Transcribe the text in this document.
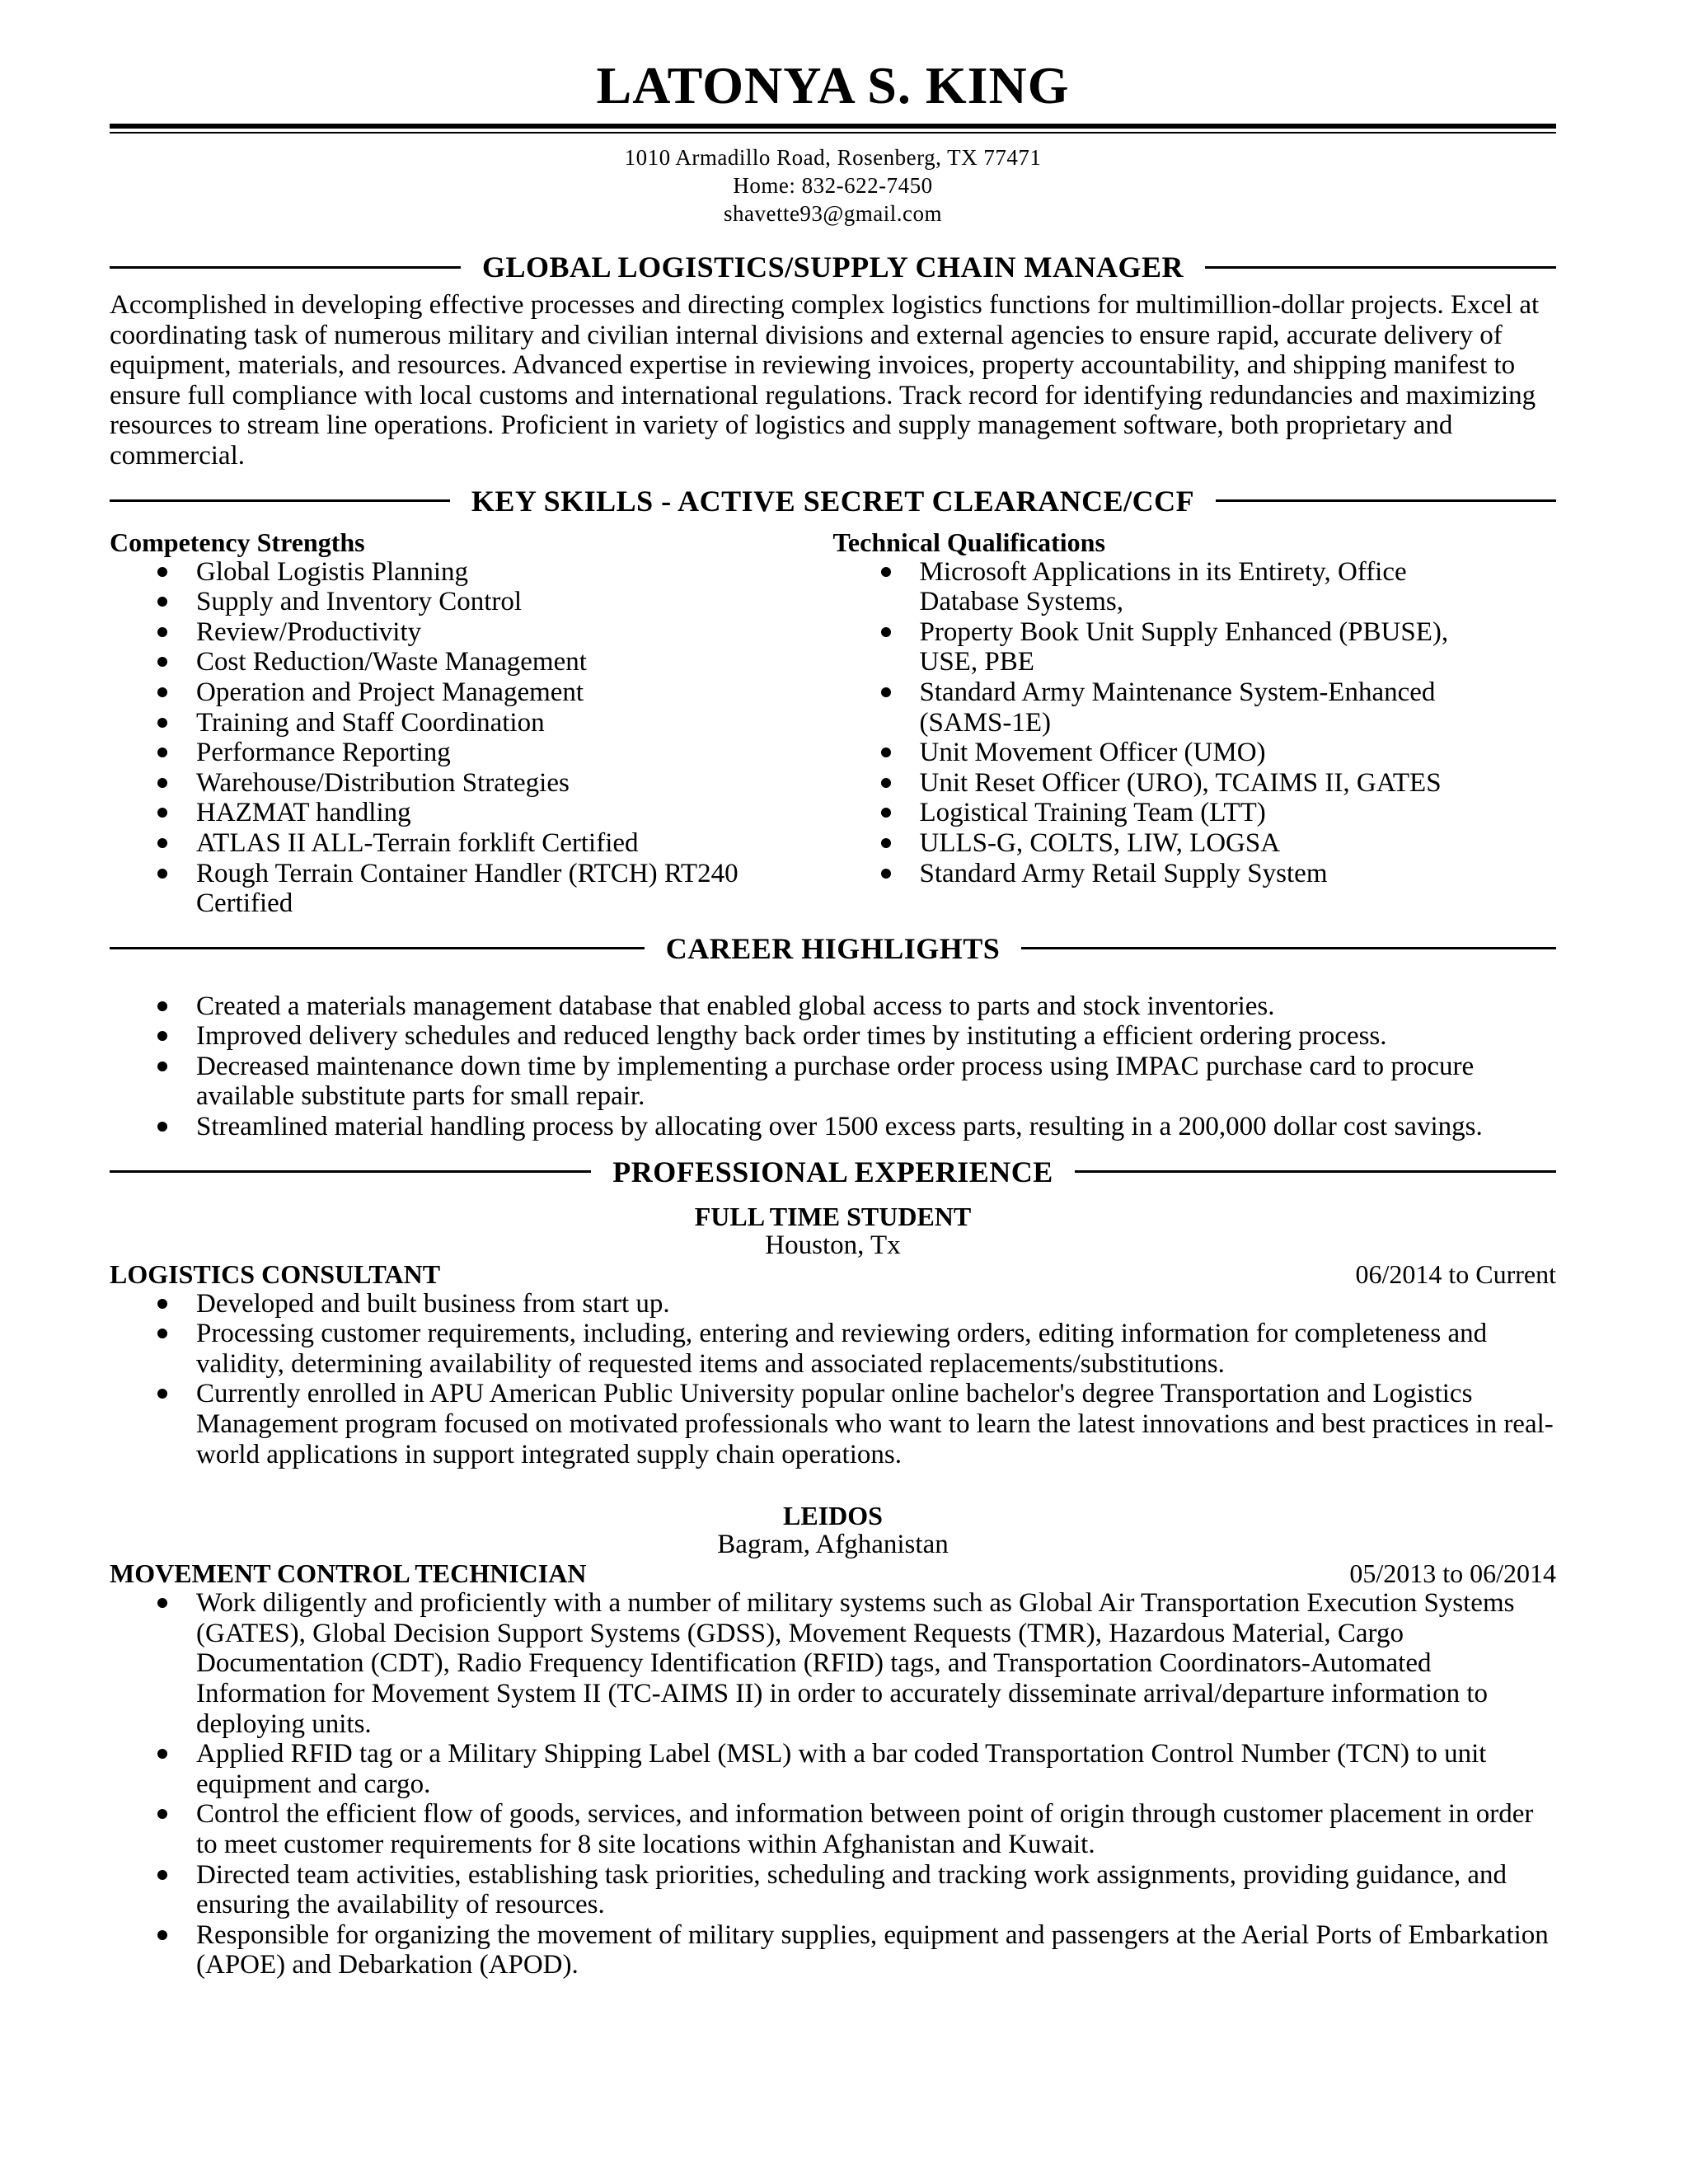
LATONYA S. KING
1010 Armadillo Road, Rosenberg, TX 77471
Home: 832-622-7450
shavette93@gmail.com
GLOBAL LOGISTICS/SUPPLY CHAIN MANAGER

Accomplished in developing effective processes and directing complex logistics functions for multimillion-dollar projects. Excel at coordinating task of numerous military and civilian internal divisions and external agencies to ensure rapid, accurate delivery of equipment, materials, and resources. Advanced expertise in reviewing invoices, property accountability, and shipping manifest to ensure full compliance with local customs and international regulations. Track record for identifying redundancies and maximizing resources to stream line operations. Proficient in variety of logistics and supply management software, both proprietary and commercial.

KEY SKILLS - ACTIVE SECRET CLEARANCE/CCF
Competency Strengths
Global Logistis Planning
Supply and Inventory Control
Review/Productivity
Cost Reduction/Waste Management
Operation and Project Management
Training and Staff Coordination
Performance Reporting
Warehouse/Distribution Strategies
HAZMAT handling
ATLAS II ALL-Terrain forklift Certified
Rough Terrain Container Handler (RTCH) RT240 Certified
Technical Qualifications
Microsoft Applications in its Entirety, Office Database Systems,
Property Book Unit Supply Enhanced (PBUSE), USE, PBE
Standard Army Maintenance System-Enhanced (SAMS-1E)
Unit Movement Officer (UMO)
Unit Reset Officer (URO), TCAIMS II, GATES
Logistical Training Team (LTT)
ULLS-G, COLTS, LIW, LOGSA
Standard Army Retail Supply System
CAREER HIGHLIGHTS
Created a materials management database that enabled global access to parts and stock inventories.
Improved delivery schedules and reduced lengthy back order times by instituting a efficient ordering process.
Decreased maintenance down time by implementing a purchase order process using IMPAC purchase card to procure available substitute parts for small repair.
Streamlined material handling process by allocating over 1500 excess parts, resulting in a 200,000 dollar cost savings.
PROFESSIONAL EXPERIENCE
FULL TIME STUDENT
Houston, Tx
LOGISTICS CONSULTANT	06/2014 to Current
Developed and built business from start up.
Processing customer requirements, including, entering and reviewing orders, editing information for completeness and validity, determining availability of requested items and associated replacements/substitutions.
Currently enrolled in APU American Public University popular online bachelor's degree Transportation and Logistics Management program focused on motivated professionals who want to learn the latest innovations and best practices in real-world applications in support integrated supply chain operations.
LEIDOS
Bagram, Afghanistan
MOVEMENT CONTROL TECHNICIAN	05/2013 to 06/2014
Work diligently and proficiently with a number of military systems such as Global Air Transportation Execution Systems (GATES), Global Decision Support Systems (GDSS), Movement Requests (TMR), Hazardous Material, Cargo Documentation (CDT), Radio Frequency Identification (RFID) tags, and Transportation Coordinators-Automated Information for Movement System II (TC-AIMS II) in order to accurately disseminate arrival/departure information to deploying units.
Applied RFID tag or a Military Shipping Label (MSL) with a bar coded Transportation Control Number (TCN) to unit equipment and cargo.
Control the efficient flow of goods, services, and information between point of origin through customer placement in order to meet customer requirements for 8 site locations within Afghanistan and Kuwait.
Directed team activities, establishing task priorities, scheduling and tracking work assignments, providing guidance, and ensuring the availability of resources.
Responsible for organizing the movement of military supplies, equipment and passengers at the Aerial Ports of Embarkation (APOE) and Debarkation (APOD).
